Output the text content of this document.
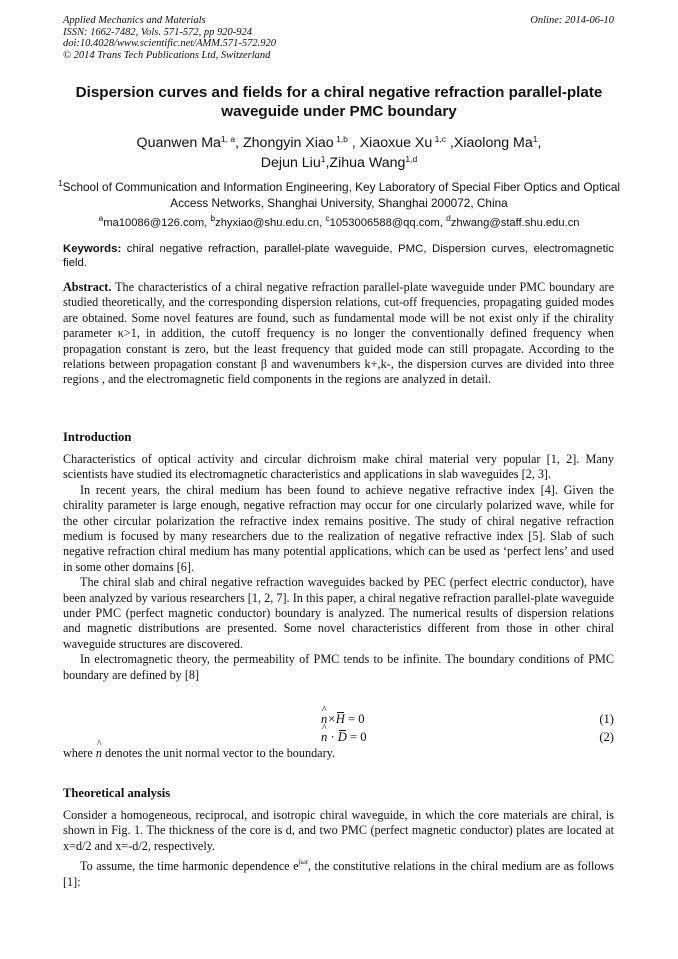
Applied Mechanics and Materials
ISSN: 1662-7482, Vols. 571-572, pp 920-924
doi:10.4028/www.scientific.net/AMM.571-572.920
© 2014 Trans Tech Publications Ltd, Switzerland
Online: 2014-06-10
Dispersion curves and fields for a chiral negative refraction parallel-plate waveguide under PMC boundary
Quanwen Ma$^{1, a}$, Zhongyin Xiao $^{1,b}$ , Xiaoxue Xu $^{1,c}$ ,Xiaolong Ma$^1$,
Dejun Liu$^1$,Zihua Wang$^{1,d}$
$^1$School of Communication and Information Engineering, Key Laboratory of Special Fiber Optics and Optical Access Networks, Shanghai University, Shanghai 200072, China
$^a$ma10086@126.com, $^b$zhyxiao@shu.edu.cn, $^c$1053006588@qq.com, $^d$zhwang@staff.shu.edu.cn
Keywords: chiral negative refraction, parallel-plate waveguide, PMC, Dispersion curves, electromagnetic field.

Abstract. The characteristics of a chiral negative refraction parallel-plate waveguide under PMC boundary are studied theoretically, and the corresponding dispersion relations, cut-off frequencies, propagating guided modes are obtained. Some novel features are found, such as fundamental mode will be not exist only if the chirality parameter κ>1, in addition, the cutoff frequency is no longer the conventionally defined frequency when propagation constant is zero, but the least frequency that guided mode can still propagate. According to the relations between propagation constant β and wavenumbers k+,k-, the dispersion curves are divided into three regions , and the electromagnetic field components in the regions are analyzed in detail.

Introduction

Characteristics of optical activity and circular dichroism make chiral material very popular [1, 2]. Many scientists have studied its electromagnetic characteristics and applications in slab waveguides [2, 3].

In recent years, the chiral medium has been found to achieve negative refractive index [4]. Given the chirality parameter is large enough, negative refraction may occur for one circularly polarized wave, while for the other circular polarization the refractive index remains positive. The study of chiral negative refraction medium is focused by many researchers due to the realization of negative refractive index [5]. Slab of such negative refraction chiral medium has many potential applications, which can be used as ‘perfect lens’ and used in some other domains [6].

The chiral slab and chiral negative refraction waveguides backed by PEC (perfect electric conductor), have been analyzed by various researchers [1, 2, 7]. In this paper, a chiral negative refraction parallel-plate waveguide under PMC (perfect magnetic conductor) boundary is analyzed. The numerical results of dispersion relations and magnetic distributions are presented. Some novel characteristics different from those in other chiral waveguide structures are discovered.

In electromagnetic theory, the permeability of PMC tends to be infinite. The boundary conditions of PMC boundary are defined by [8]

^ n×H = 0	(1)
^ n · D = 0	(2)
where ^ n denotes the unit normal vector to the boundary.
Theoretical analysis

Consider a homogeneous, reciprocal, and isotropic chiral waveguide, in which the core materials are chiral, is shown in Fig. 1. The thickness of the core is d, and two PMC (perfect magnetic conductor) plates are located at x=d/2 and x=-d/2, respectively.

To assume, the time harmonic dependence $e^{j\omega t}$, the constitutive relations in the chiral medium are as follows [1]:
